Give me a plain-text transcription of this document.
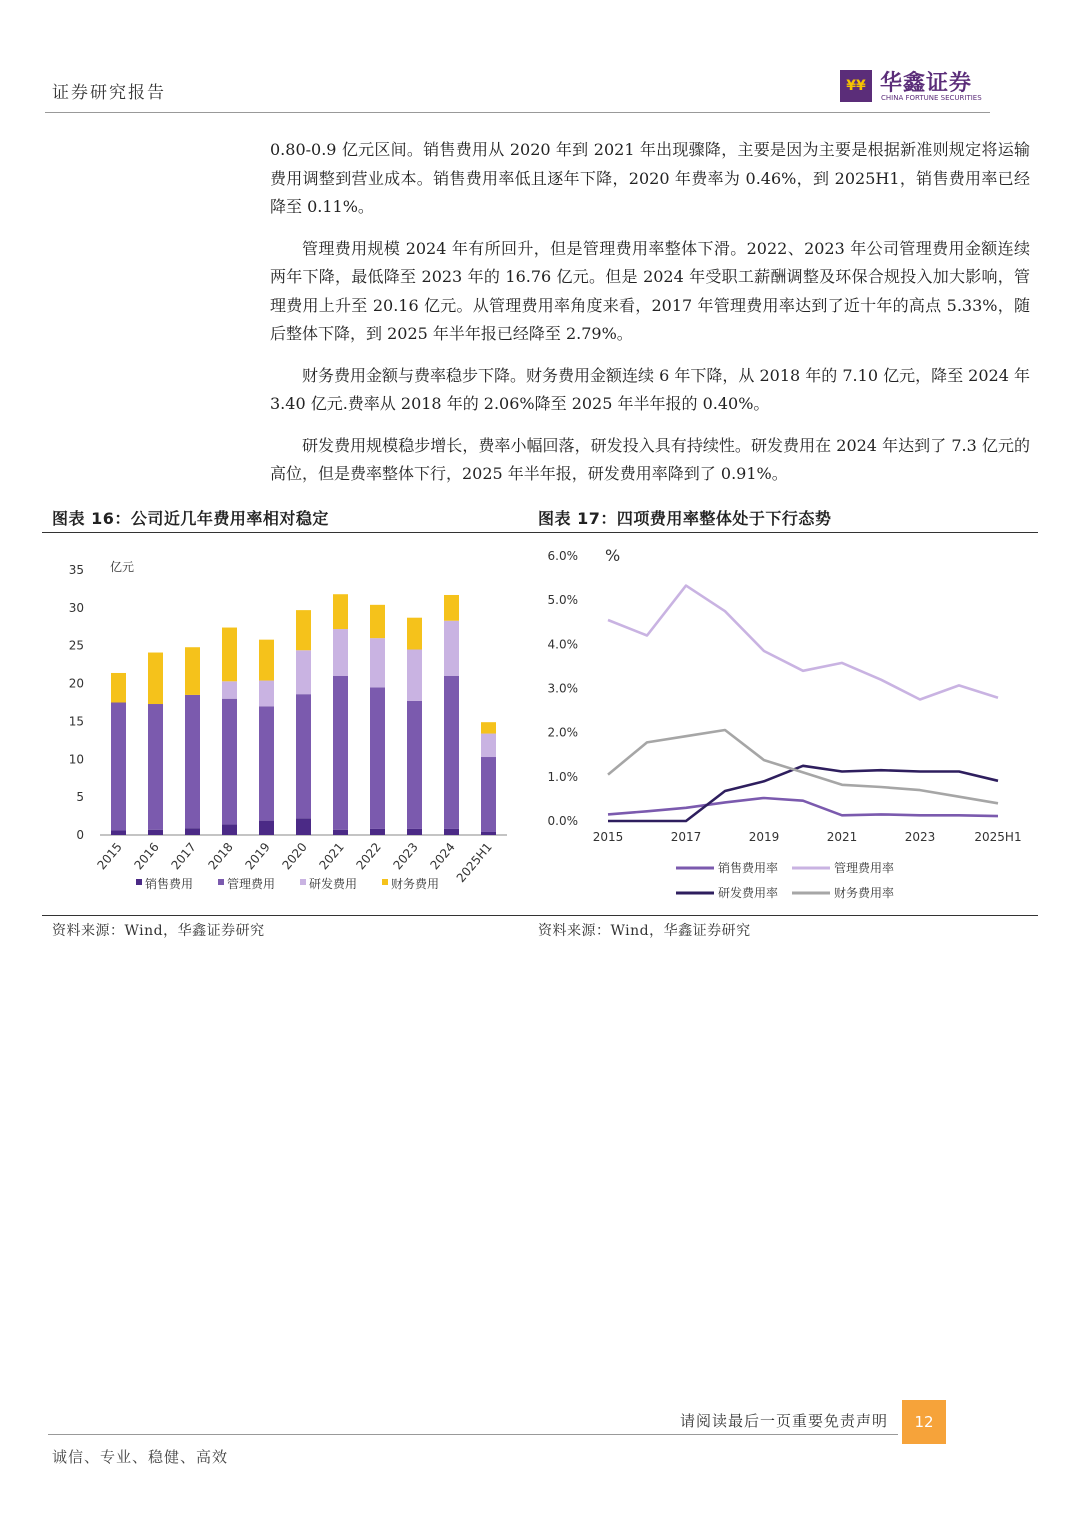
证券研究报告	¥¥ 华鑫证券
CHINA FORTUNE SECURITIES

0.80-0.9 亿元区间。销售费用从 2020 年到 2021 年出现骤降，主要是因为主要是根据新准则规定将运输费用调整到营业成本。销售费用率低且逐年下降，2020 年费率为 0.46%，到 2025H1，销售费用率已经降至 0.11%。

管理费用规模 2024 年有所回升，但是管理费用率整体下滑。2022、2023 年公司管理费用金额连续两年下降，最低降至 2023 年的 16.76 亿元。但是 2024 年受职工薪酬调整及环保合规投入加大影响，管理费用上升至 20.16 亿元。从管理费用率角度来看，2017 年管理费用率达到了近十年的高点 5.33%，随后整体下降，到 2025 年半年报已经降至 2.79%。

财务费用金额与费率稳步下降。财务费用金额连续 6 年下降，从 2018 年的 7.10 亿元，降至 2024 年 3.40 亿元.费率从 2018 年的 2.06%降至 2025 年半年报的 0.40%。

研发费用规模稳步增长，费率小幅回落，研发投入具有持续性。研发费用在 2024 年达到了 7.3 亿元的高位，但是费率整体下行，2025 年半年报，研发费用率降到了 0.91%。

图表 16：公司近几年费用率相对稳定	图表 17：四项费用率整体处于下行态势
亿元
0
5
10
15
20
25
30
35
2015 2016 2017 2018 2019 2020 2021 2022 2023 2024
2025H1
销售费用	管理费用	研发费用	财务费用
%
0.0%
1.0%
2.0%
3.0%
4.0%
5.0%
6.0%
2015	2017	2019	2021	2023	2025H1
销售费用率	管理费用率
研发费用率	财务费用率
资料来源：Wind，华鑫证券研究	资料来源：Wind，华鑫证券研究
请阅读最后一页重要免责声明	12
诚信、专业、稳健、高效
